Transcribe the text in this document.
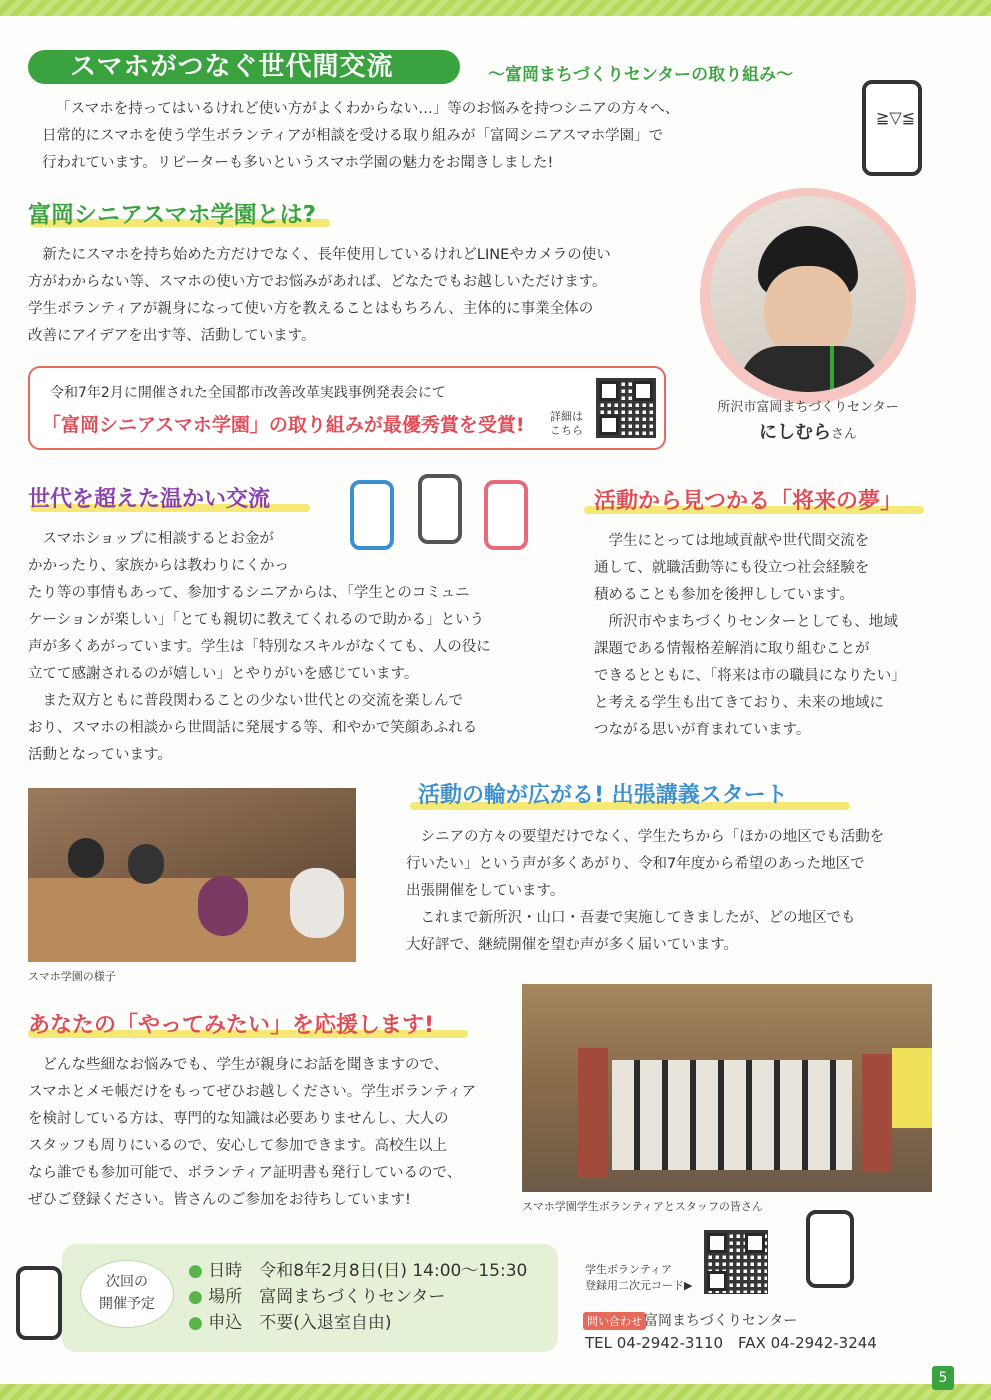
スマホがつなぐ世代間交流	〜富岡まちづくりセンターの取り組み〜
≧▽≦

「スマホを持ってはいるけれど使い方がよくわからない…」等のお悩みを持つシニアの方々へ、

日常的にスマホを使う学生ボランティアが相談を受ける取り組みが「富岡シニアスマホ学園」で

行われています。リピーターも多いというスマホ学園の魅力をお聞きしました!

富岡シニアスマホ学園とは?

新たにスマホを持ち始めた方だけでなく、長年使用しているけれどLINEやカメラの使い

方がわからない等、スマホの使い方でお悩みがあれば、どなたでもお越しいただけます。

学生ボランティアが親身になって使い方を教えることはもちろん、主体的に事業全体の

改善にアイデアを出す等、活動しています。

令和7年2月に開催された全国都市改善改革実践事例発表会にて
「富岡シニアスマホ学園」の取り組みが最優秀賞を受賞! 詳細は
こちら
所沢市富岡まちづくりセンター
にしむらさん
世代を超えた温かい交流

スマホショップに相談するとお金が

かかったり、家族からは教わりにくかっ

たり等の事情もあって、参加するシニアからは、「学生とのコミュニ

ケーションが楽しい」「とても親切に教えてくれるので助かる」という

声が多くあがっています。学生は「特別なスキルがなくても、人の役に

立てて感謝されるのが嬉しい」とやりがいを感じています。

また双方ともに普段関わることの少ない世代との交流を楽しんで

おり、スマホの相談から世間話に発展する等、和やかで笑顔あふれる

活動となっています。

活動から見つかる「将来の夢」

学生にとっては地域貢献や世代間交流を

通して、就職活動等にも役立つ社会経験を

積めることも参加を後押ししています。

所沢市やまちづくりセンターとしても、地域

課題である情報格差解消に取り組むことが

できるとともに、「将来は市の職員になりたい」

と考える学生も出てきており、未来の地域に

つながる思いが育まれています。

スマホ学園の様子
活動の輪が広がる! 出張講義スタート

シニアの方々の要望だけでなく、学生たちから「ほかの地区でも活動を

行いたい」という声が多くあがり、令和7年度から希望のあった地区で

出張開催をしています。

これまで新所沢・山口・吾妻で実施してきましたが、どの地区でも

大好評で、継続開催を望む声が多く届いています。

スマホ学園学生ボランティアとスタッフの皆さん
あなたの「やってみたい」を応援します!

どんな些細なお悩みでも、学生が親身にお話を聞きますので、

スマホとメモ帳だけをもってぜひお越しください。学生ボランティア

を検討している方は、専門的な知識は必要ありませんし、大人の

スタッフも周りにいるので、安心して参加できます。高校生以上

なら誰でも参加可能で、ボランティア証明書も発行しているので、

ぜひご登録ください。皆さんのご参加をお待ちしています!

次回の
開催予定
● 日時　 令和8年2月8日(日) 14:00〜15:30
● 場所　 富岡まちづくりセンター
● 申込　 不要(入退室自由)
学生ボランティア
登録用二次元コード▶
問い合わせ 富岡まちづくりセンター
TEL 04-2942-3110　FAX 04-2942-3244
5
